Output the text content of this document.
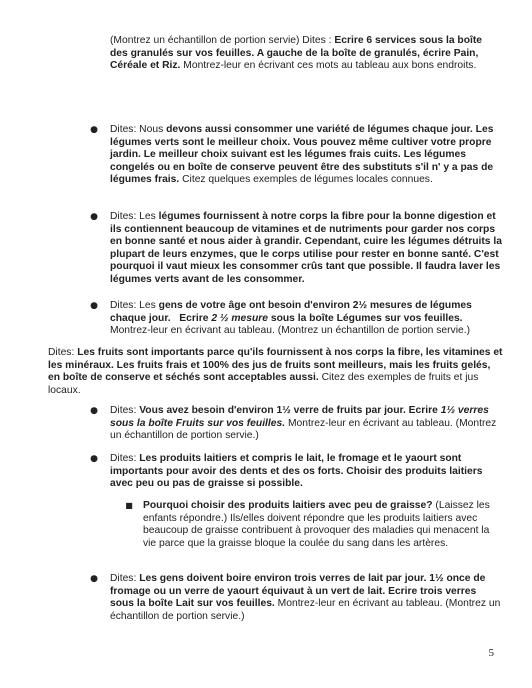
(Montrez un échantillon de portion servie) Dites : Ecrire 6 services sous la boîte des granulés sur vos feuilles. A gauche de la boîte de granulés, écrire Pain, Céréale et Riz. Montrez-leur en écrivant ces mots au tableau aux bons endroits.
● Dites: Nous devons aussi consommer une variété de légumes chaque jour. Les légumes verts sont le meilleur choix. Vous pouvez même cultiver votre propre jardin. Le meilleur choix suivant est les légumes frais cuits. Les légumes congelés ou en boîte de conserve peuvent être des substituts s'il n' y a pas de légumes frais. Citez quelques exemples de légumes locales connues.
● Dites: Les légumes fournissent à notre corps la fibre pour la bonne digestion et ils contiennent beaucoup de vitamines et de nutriments pour garder nos corps en bonne santé et nous aider à grandir. Cependant, cuire les légumes détruits la plupart de leurs enzymes, que le corps utilise pour rester en bonne santé. C'est pourquoi il vaut mieux les consommer crûs tant que possible. Il faudra laver les légumes verts avant de les consommer.
● Dites: Les gens de votre âge ont besoin d'environ 2½ mesures de légumes chaque jour. Ecrire 2 ½ mesure sous la boîte Légumes sur vos feuilles. Montrez-leur en écrivant au tableau. (Montrez un échantillon de portion servie.)
Dites: Les fruits sont importants parce qu'ils fournissent à nos corps la fibre, les vitamines et les minéraux. Les fruits frais et 100% des jus de fruits sont meilleurs, mais les fruits gelés, en boîte de conserve et séchés sont acceptables aussi. Citez des exemples de fruits et jus locaux.
● Dites: Vous avez besoin d'environ 1½ verre de fruits par jour. Ecrire 1½ verres sous la boîte Fruits sur vos feuilles. Montrez-leur en écrivant au tableau. (Montrez un échantillon de portion servie.)
● Dites: Les produits laitiers et compris le lait, le fromage et le yaourt sont importants pour avoir des dents et des os forts. Choisir des produits laitiers avec peu ou pas de graisse si possible.
■ Pourquoi choisir des produits laitiers avec peu de graisse? (Laissez les enfants répondre.) Ils/elles doivent répondre que les produits laitiers avec beaucoup de graisse contribuent à provoquer des maladies qui menacent la vie parce que la graisse bloque la coulée du sang dans les artères.
● Dites: Les gens doivent boire environ trois verres de lait par jour. 1½ once de fromage ou un verre de yaourt équivaut à un vert de lait. Ecrire trois verres sous la boîte Lait sur vos feuilles. Montrez-leur en écrivant au tableau. (Montrez un échantillon de portion servie.)
5
